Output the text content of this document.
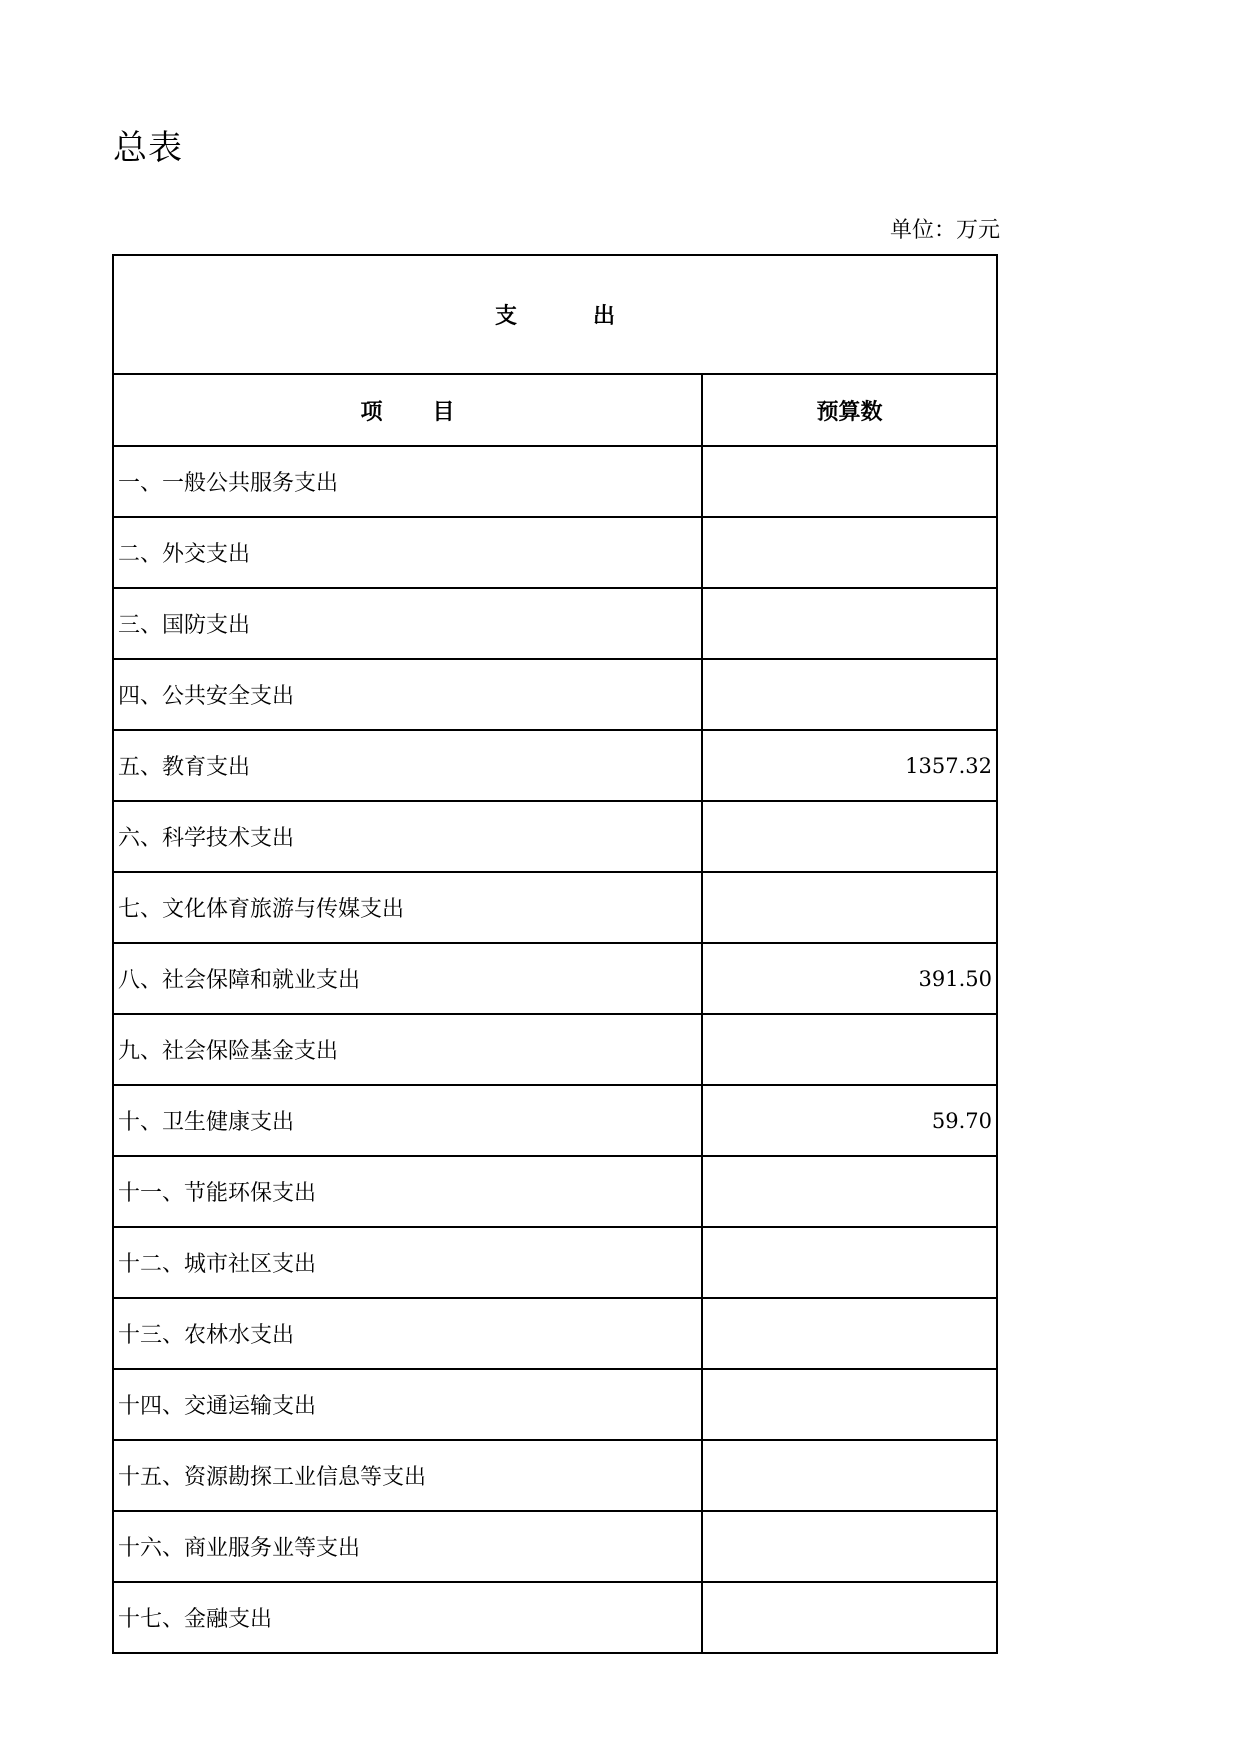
总表
单位：万元
支出	
项目	预算数
一、一般公共服务支出	
二、外交支出	
三、国防支出	
四、公共安全支出	
五、教育支出	1357.32
六、科学技术支出	
七、文化体育旅游与传媒支出	
八、社会保障和就业支出	391.50
九、社会保险基金支出	
十、卫生健康支出	59.70
十一、节能环保支出	
十二、城市社区支出	
十三、农林水支出	
十四、交通运输支出	
十五、资源勘探工业信息等支出	
十六、商业服务业等支出	
十七、金融支出	
